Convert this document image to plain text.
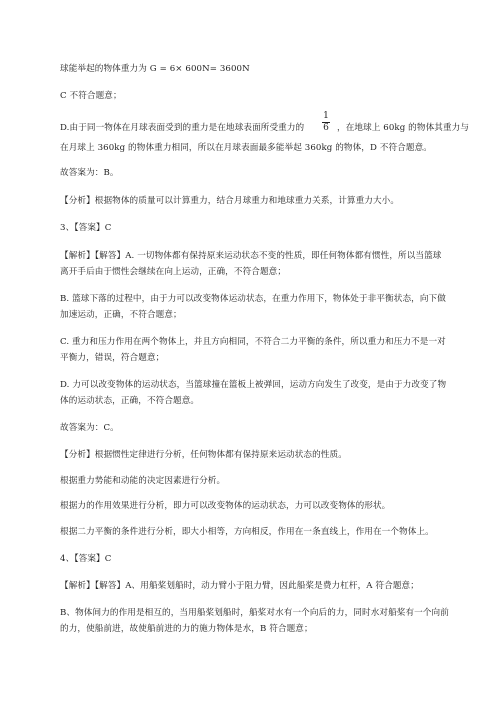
球能举起的物体重力为 G = 6× 600N= 3600N
C 不符合题意；
D.由于同一物体在月球表面受到的重力是在地球表面所受重力的
1
6 ，在地球上 60kg 的物体其重力与
在月球上 360kg 的物体重力相同，所以在月球表面最多能举起 360kg 的物体，D 不符合题意。
故答案为：B。
【分析】根据物体的质量可以计算重力，结合月球重力和地球重力关系，计算重力大小。
3、【答案】C
【解析】【解答】A. 一切物体都有保持原来运动状态不变的性质，即任何物体都有惯性，所以当篮球
离开手后由于惯性会继续在向上运动，正确，不符合题意；
B. 篮球下落的过程中，由于力可以改变物体运动状态，在重力作用下，物体处于非平衡状态，向下做
加速运动，正确，不符合题意；
C. 重力和压力作用在两个物体上，并且方向相同，不符合二力平衡的条件，所以重力和压力不是一对
平衡力，错误，符合题意；
D. 力可以改变物体的运动状态，当篮球撞在篮板上被弹回，运动方向发生了改变，是由于力改变了物
体的运动状态，正确，不符合题意。
故答案为：C。
【分析】根据惯性定律进行分析，任何物体都有保持原来运动状态的性质。
根据重力势能和动能的决定因素进行分析。
根据力的作用效果进行分析，即力可以改变物体的运动状态，力可以改变物体的形状。
根据二力平衡的条件进行分析，即大小相等，方向相反，作用在一条直线上，作用在一个物体上。
4、【答案】C
【解析】【解答】A、用船桨划船时，动力臂小于阻力臂，因此船桨是费力杠杆，A 符合题意；
B、物体间力的作用是相互的，当用船桨划船时，船桨对水有一个向后的力，同时水对船桨有一个向前
的力，使船前进，故使船前进的力的施力物体是水，B 符合题意；
